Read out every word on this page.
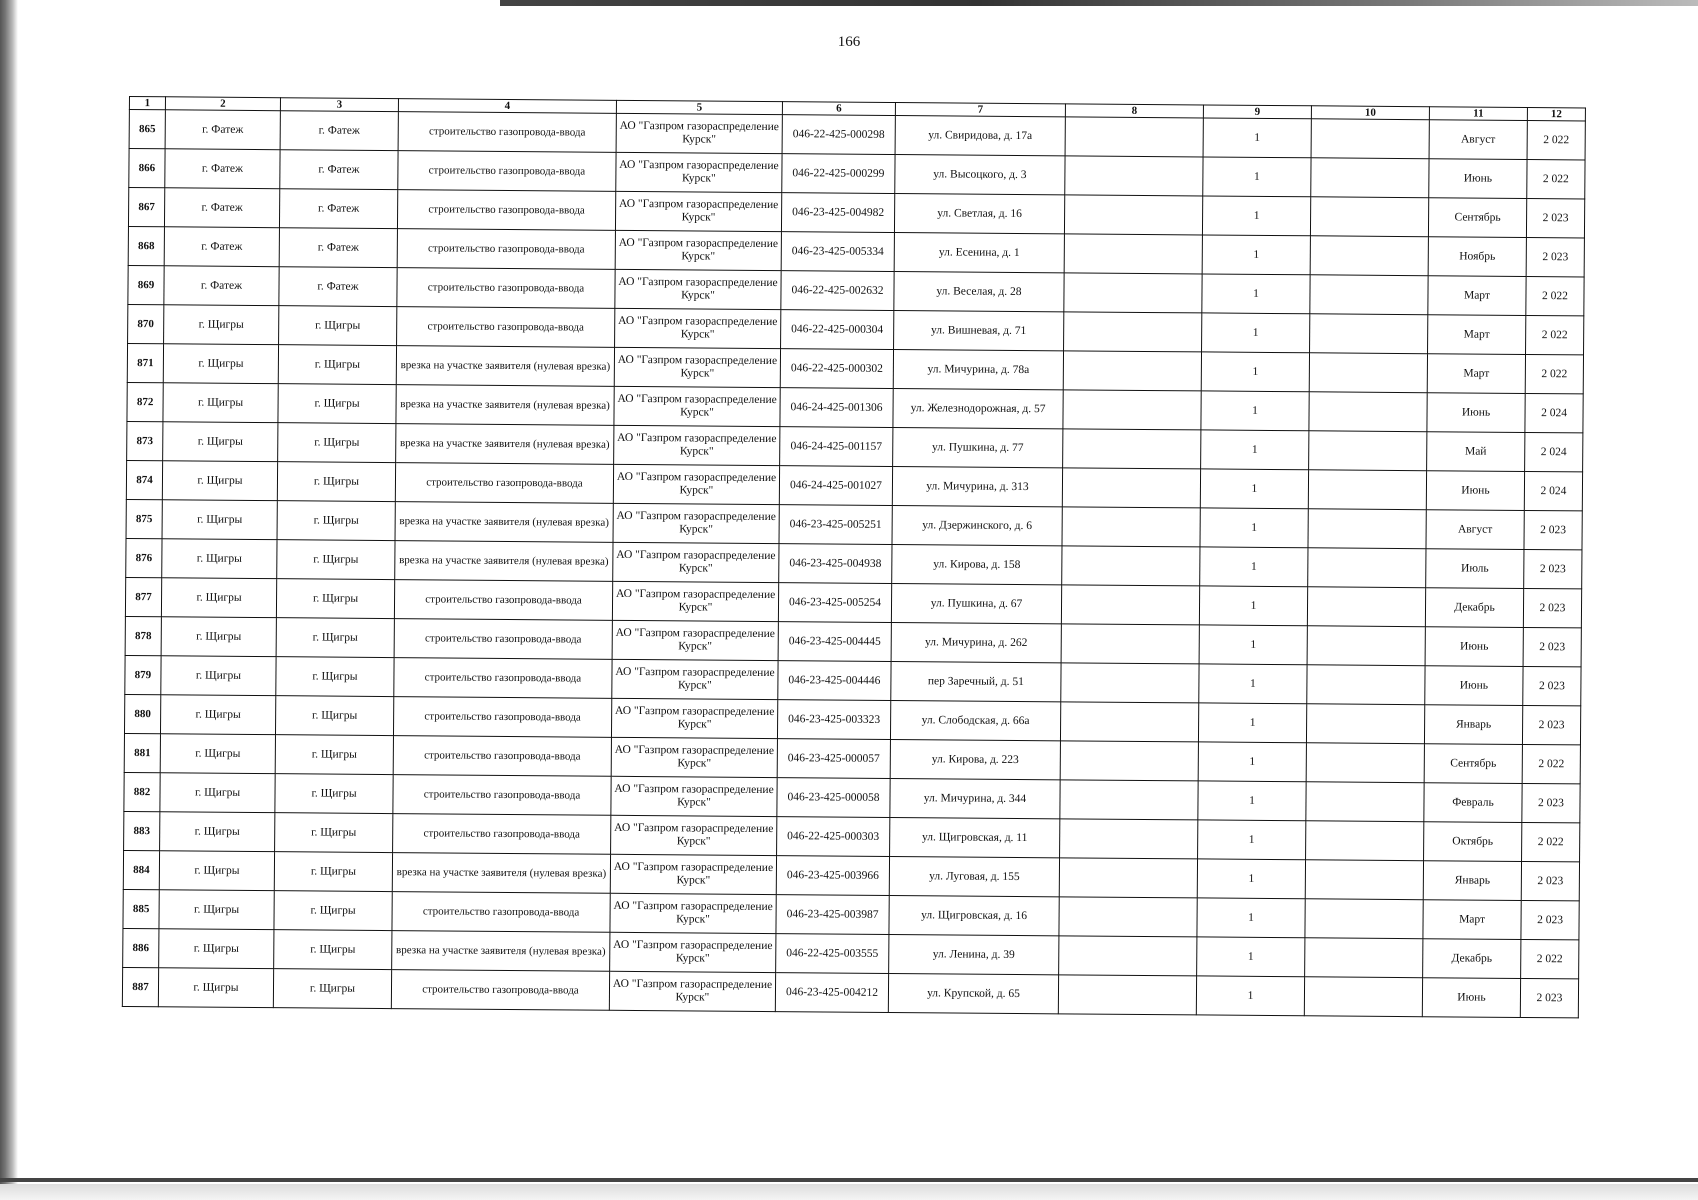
166
1	2	3	4	5	6	7	8	9	10	11	12
865	г. Фатеж	г. Фатеж	строительство газопровода-ввода	АО "Газпром газораспределение Курск"	046-22-425-000298	ул. Свиридова, д. 17а		1		Август	2 022
866	г. Фатеж	г. Фатеж	строительство газопровода-ввода	АО "Газпром газораспределение Курск"	046-22-425-000299	ул. Высоцкого, д. 3		1		Июнь	2 022
867	г. Фатеж	г. Фатеж	строительство газопровода-ввода	АО "Газпром газораспределение Курск"	046-23-425-004982	ул. Светлая, д. 16		1		Сентябрь	2 023
868	г. Фатеж	г. Фатеж	строительство газопровода-ввода	АО "Газпром газораспределение Курск"	046-23-425-005334	ул. Есенина, д. 1		1		Ноябрь	2 023
869	г. Фатеж	г. Фатеж	строительство газопровода-ввода	АО "Газпром газораспределение Курск"	046-22-425-002632	ул. Веселая, д. 28		1		Март	2 022
870	г. Щигры	г. Щигры	строительство газопровода-ввода	АО "Газпром газораспределение Курск"	046-22-425-000304	ул. Вишневая, д. 71		1		Март	2 022
871	г. Щигры	г. Щигры	врезка на участке заявителя (нулевая врезка)	АО "Газпром газораспределение Курск"	046-22-425-000302	ул. Мичурина, д. 78а		1		Март	2 022
872	г. Щигры	г. Щигры	врезка на участке заявителя (нулевая врезка)	АО "Газпром газораспределение Курск"	046-24-425-001306	ул. Железнодорожная, д. 57		1		Июнь	2 024
873	г. Щигры	г. Щигры	врезка на участке заявителя (нулевая врезка)	АО "Газпром газораспределение Курск"	046-24-425-001157	ул. Пушкина, д. 77		1		Май	2 024
874	г. Щигры	г. Щигры	строительство газопровода-ввода	АО "Газпром газораспределение Курск"	046-24-425-001027	ул. Мичурина, д. 313		1		Июнь	2 024
875	г. Щигры	г. Щигры	врезка на участке заявителя (нулевая врезка)	АО "Газпром газораспределение Курск"	046-23-425-005251	ул. Дзержинского, д. 6		1		Август	2 023
876	г. Щигры	г. Щигры	врезка на участке заявителя (нулевая врезка)	АО "Газпром газораспределение Курск"	046-23-425-004938	ул. Кирова, д. 158		1		Июль	2 023
877	г. Щигры	г. Щигры	строительство газопровода-ввода	АО "Газпром газораспределение Курск"	046-23-425-005254	ул. Пушкина, д. 67		1		Декабрь	2 023
878	г. Щигры	г. Щигры	строительство газопровода-ввода	АО "Газпром газораспределение Курск"	046-23-425-004445	ул. Мичурина, д. 262		1		Июнь	2 023
879	г. Щигры	г. Щигры	строительство газопровода-ввода	АО "Газпром газораспределение Курск"	046-23-425-004446	пер Заречный, д. 51		1		Июнь	2 023
880	г. Щигры	г. Щигры	строительство газопровода-ввода	АО "Газпром газораспределение Курск"	046-23-425-003323	ул. Слободская, д. 66а		1		Январь	2 023
881	г. Щигры	г. Щигры	строительство газопровода-ввода	АО "Газпром газораспределение Курск"	046-23-425-000057	ул. Кирова, д. 223		1		Сентябрь	2 022
882	г. Щигры	г. Щигры	строительство газопровода-ввода	АО "Газпром газораспределение Курск"	046-23-425-000058	ул. Мичурина, д. 344		1		Февраль	2 023
883	г. Щигры	г. Щигры	строительство газопровода-ввода	АО "Газпром газораспределение Курск"	046-22-425-000303	ул. Щигровская, д. 11		1		Октябрь	2 022
884	г. Щигры	г. Щигры	врезка на участке заявителя (нулевая врезка)	АО "Газпром газораспределение Курск"	046-23-425-003966	ул. Луговая, д. 155		1		Январь	2 023
885	г. Щигры	г. Щигры	строительство газопровода-ввода	АО "Газпром газораспределение Курск"	046-23-425-003987	ул. Щигровская, д. 16		1		Март	2 023
886	г. Щигры	г. Щигры	врезка на участке заявителя (нулевая врезка)	АО "Газпром газораспределение Курск"	046-22-425-003555	ул. Ленина, д. 39		1		Декабрь	2 022
887	г. Щигры	г. Щигры	строительство газопровода-ввода	АО "Газпром газораспределение Курск"	046-23-425-004212	ул. Крупской, д. 65		1		Июнь	2 023
